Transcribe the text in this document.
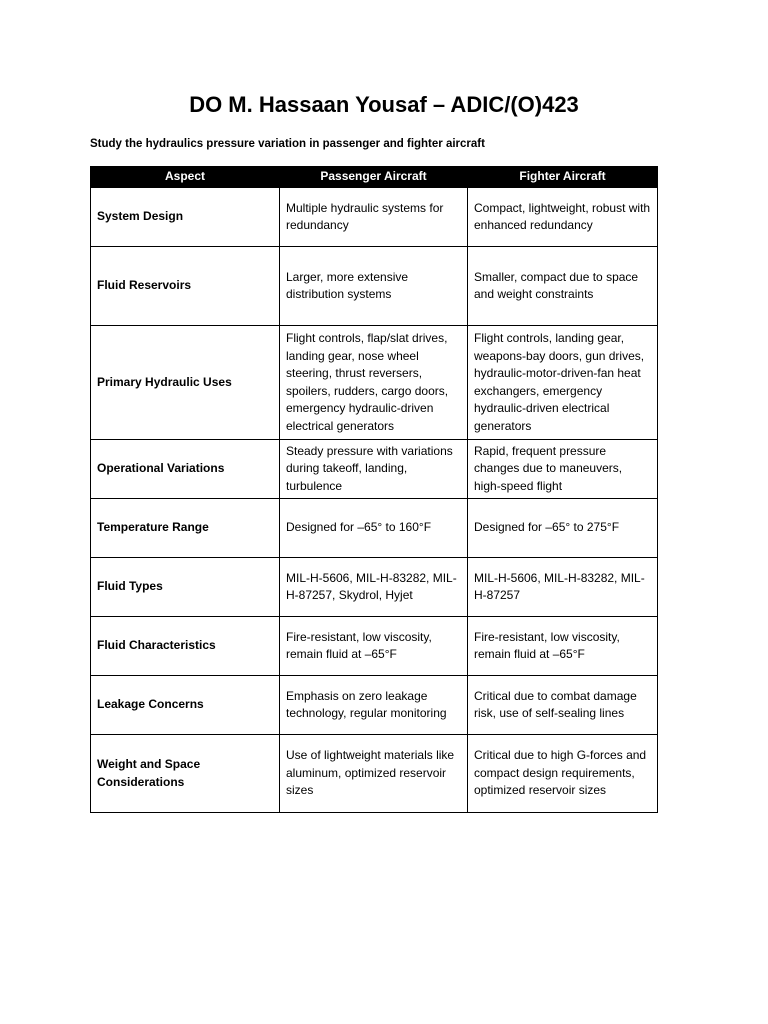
DO M. Hassaan Yousaf – ADIC/(O)423
Study the hydraulics pressure variation in passenger and fighter aircraft
Aspect	Passenger Aircraft	Fighter Aircraft
System Design	Multiple hydraulic systems for redundancy	Compact, lightweight, robust with enhanced redundancy
Fluid Reservoirs	Larger, more extensive distribution systems	Smaller, compact due to space and weight constraints
Primary Hydraulic Uses	Flight controls, flap/slat drives, landing gear, nose wheel steering, thrust reversers, spoilers, rudders, cargo doors, emergency hydraulic-driven electrical generators	Flight controls, landing gear, weapons-bay doors, gun drives, hydraulic-motor-driven-fan heat exchangers, emergency hydraulic-driven electrical generators
Operational Variations	Steady pressure with variations during takeoff, landing, turbulence	Rapid, frequent pressure changes due to maneuvers, high-speed flight
Temperature Range	Designed for –65° to 160°F	Designed for –65° to 275°F
Fluid Types	MIL-H-5606, MIL-H-83282, MIL-H-87257, Skydrol, Hyjet	MIL-H-5606, MIL-H-83282, MIL-H-87257
Fluid Characteristics	Fire-resistant, low viscosity, remain fluid at –65°F	Fire-resistant, low viscosity, remain fluid at –65°F
Leakage Concerns	Emphasis on zero leakage technology, regular monitoring	Critical due to combat damage risk, use of self-sealing lines
Weight and Space Considerations	Use of lightweight materials like aluminum, optimized reservoir sizes	Critical due to high G-forces and compact design requirements, optimized reservoir sizes
